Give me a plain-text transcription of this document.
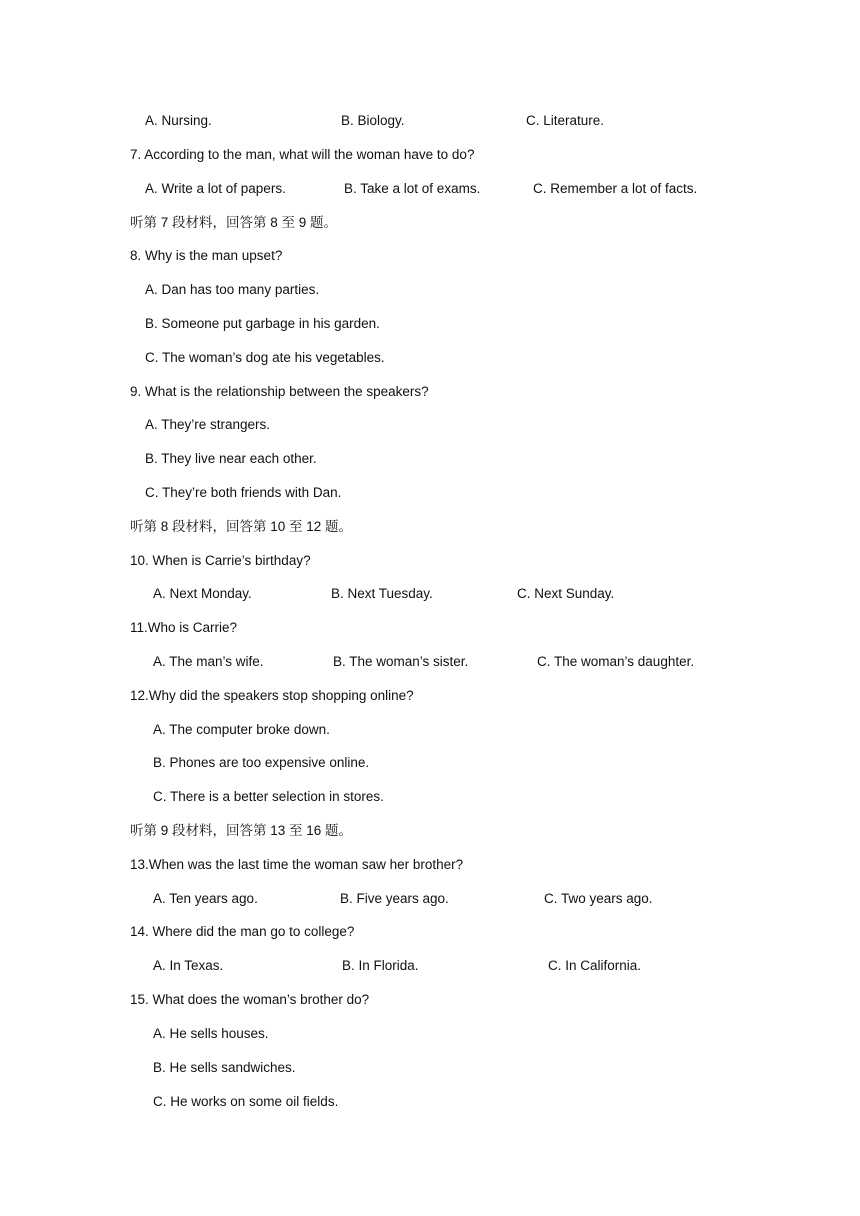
A. Nursing.	B. Biology.	C. Literature.
7. According to the man, what will the woman have to do?
A. Write a lot of papers.	B. Take a lot of exams.	C. Remember a lot of facts.
听第 7 段材料，回答第 8 至 9 题。
8. Why is the man upset?
A. Dan has too many parties.
B. Someone put garbage in his garden.
C. The woman’s dog ate his vegetables.
9. What is the relationship between the speakers?
A. They’re strangers.
B. They live near each other.
C. They’re both friends with Dan.
听第 8 段材料，回答第 10 至 12 题。
10. When is Carrie’s birthday?
A. Next Monday.	B. Next Tuesday.	C. Next Sunday.
11.Who is Carrie?
A. The man’s wife.	B. The woman’s sister.	C. The woman’s daughter.
12.Why did the speakers stop shopping online?
A. The computer broke down.
B. Phones are too expensive online.
C. There is a better selection in stores.
听第 9 段材料，回答第 13 至 16 题。
13.When was the last time the woman saw her brother?
A. Ten years ago.	B. Five years ago.	C. Two years ago.
14. Where did the man go to college?
A. In Texas.	B. In Florida.	C. In California.
15. What does the woman’s brother do?
A. He sells houses.
B. He sells sandwiches.
C. He works on some oil fields.
